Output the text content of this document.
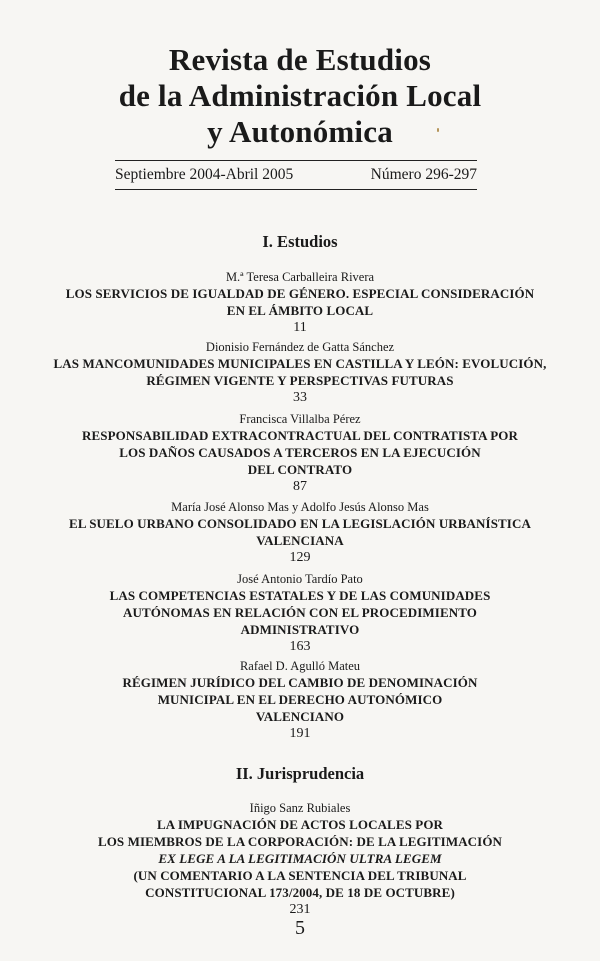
Revista de Estudios
de la Administración Local
y Autonómica
Septiembre 2004-Abril 2005	Número 296-297
I. Estudios
M.ª Teresa Carballeira Rivera
LOS SERVICIOS DE IGUALDAD DE GÉNERO. ESPECIAL CONSIDERACIÓN
EN EL ÁMBITO LOCAL
11
Dionisio Fernández de Gatta Sánchez
LAS MANCOMUNIDADES MUNICIPALES EN CASTILLA Y LEÓN: EVOLUCIÓN,
RÉGIMEN VIGENTE Y PERSPECTIVAS FUTURAS
33
Francisca Villalba Pérez
RESPONSABILIDAD EXTRACONTRACTUAL DEL CONTRATISTA POR
LOS DAÑOS CAUSADOS A TERCEROS EN LA EJECUCIÓN
DEL CONTRATO
87
María José Alonso Mas y Adolfo Jesús Alonso Mas
EL SUELO URBANO CONSOLIDADO EN LA LEGISLACIÓN URBANÍSTICA
VALENCIANA
129
José Antonio Tardío Pato
LAS COMPETENCIAS ESTATALES Y DE LAS COMUNIDADES
AUTÓNOMAS EN RELACIÓN CON EL PROCEDIMIENTO
ADMINISTRATIVO
163
Rafael D. Agulló Mateu
RÉGIMEN JURÍDICO DEL CAMBIO DE DENOMINACIÓN
MUNICIPAL EN EL DERECHO AUTONÓMICO
VALENCIANO
191
II. Jurisprudencia
Iñigo Sanz Rubiales
LA IMPUGNACIÓN DE ACTOS LOCALES POR
LOS MIEMBROS DE LA CORPORACIÓN: DE LA LEGITIMACIÓN
EX LEGE A LA LEGITIMACIÓN ULTRA LEGEM
(UN COMENTARIO A LA SENTENCIA DEL TRIBUNAL
CONSTITUCIONAL 173/2004, DE 18 DE OCTUBRE)
231
5
